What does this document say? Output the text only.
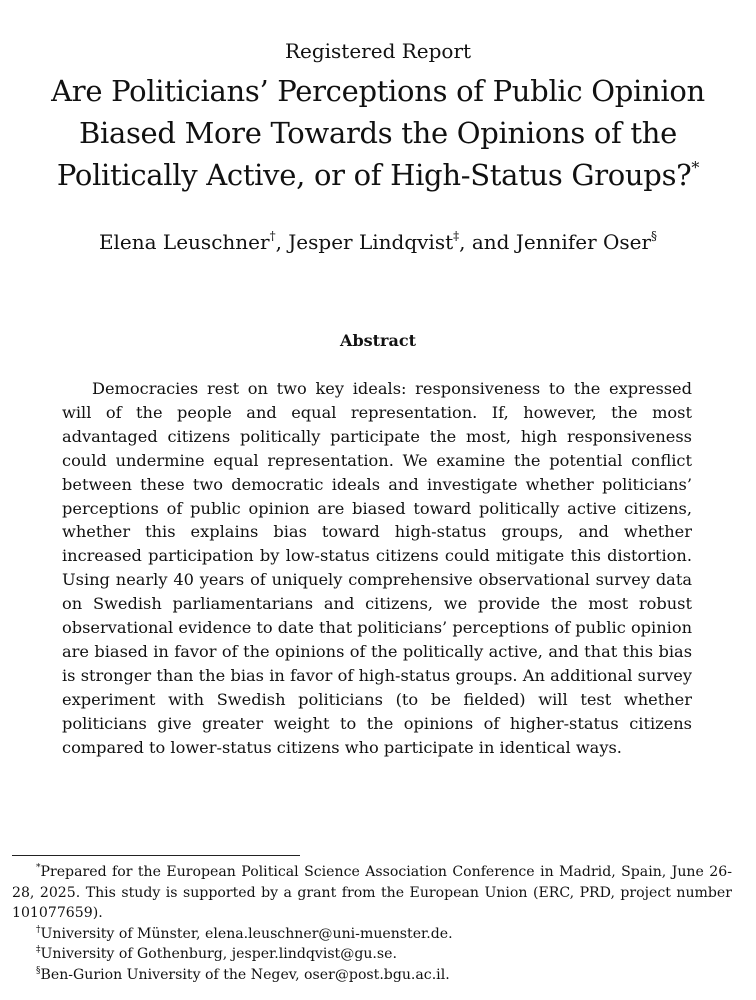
Registered Report
Are Politicians’ Perceptions of Public Opinion Biased More Towards the Opinions of the Politically Active, or of High-Status Groups?*
Elena Leuschner†, Jesper Lindqvist‡, and Jennifer Oser§
Abstract

Democracies rest on two key ideals: responsiveness to the expressed will of the people and equal representation. If, however, the most advantaged citizens politically participate the most, high responsiveness could undermine equal representation. We examine the potential conflict between these two democratic ideals and investigate whether politicians’ perceptions of public opinion are biased toward politically active citizens, whether this explains bias toward high-status groups, and whether increased participation by low-status citizens could mitigate this distortion. Using nearly 40 years of uniquely comprehensive observational survey data on Swedish parliamentarians and citizens, we provide the most robust observational evidence to date that politicians’ perceptions of public opinion are biased in favor of the opinions of the politically active, and that this bias is stronger than the bias in favor of high-status groups. An additional survey experiment with Swedish politicians (to be fielded) will test whether politicians give greater weight to the opinions of higher-status citizens compared to lower-status citizens who participate in identical ways.

*Prepared for the European Political Science Association Conference in Madrid, Spain, June 26-28, 2025. This study is supported by a grant from the European Union (ERC, PRD, project number 101077659).

†University of Münster, elena.leuschner@uni-muenster.de.

‡University of Gothenburg, jesper.lindqvist@gu.se.

§Ben-Gurion University of the Negev, oser@post.bgu.ac.il.
